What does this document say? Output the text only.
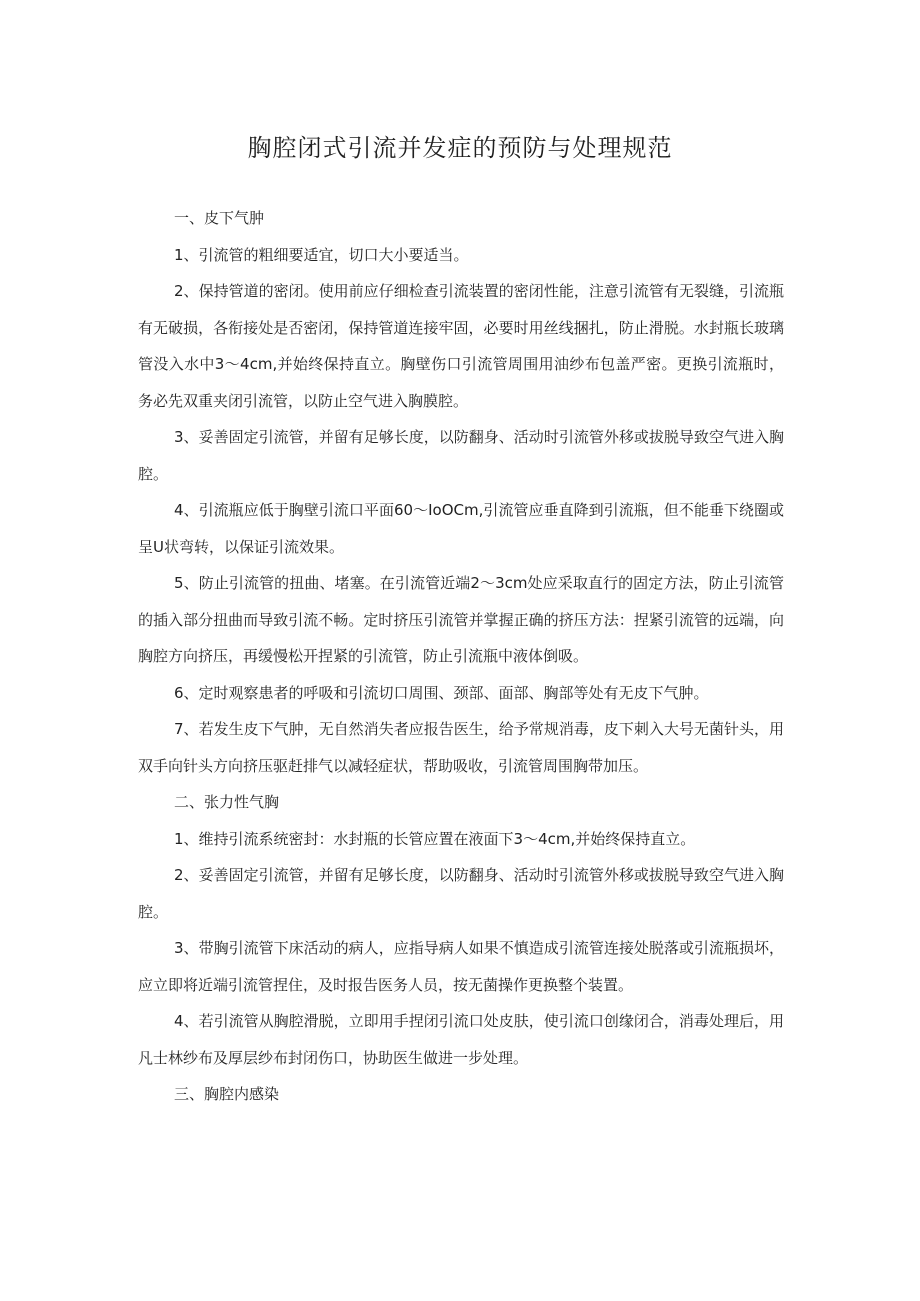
胸腔闭式引流并发症的预防与处理规范

一、皮下气肿

1、引流管的粗细要适宜，切口大小要适当。

2、保持管道的密闭。使用前应仔细检查引流装置的密闭性能，注意引流管有无裂缝，引流瓶有无破损，各衔接处是否密闭，保持管道连接牢固，必要时用丝线捆扎，防止滑脱。水封瓶长玻璃管没入水中3～4cm,并始终保持直立。胸壁伤口引流管周围用油纱布包盖严密。更换引流瓶时，务必先双重夹闭引流管，以防止空气进入胸膜腔。

3、妥善固定引流管，并留有足够长度，以防翻身、活动时引流管外移或拔脱导致空气进入胸腔。

4、引流瓶应低于胸壁引流口平面60～IoOCm,引流管应垂直降到引流瓶，但不能垂下绕圈或呈U状弯转，以保证引流效果。

5、防止引流管的扭曲、堵塞。在引流管近端2～3cm处应采取直行的固定方法，防止引流管的插入部分扭曲而导致引流不畅。定时挤压引流管并掌握正确的挤压方法：捏紧引流管的远端，向胸腔方向挤压，再缓慢松开捏紧的引流管，防止引流瓶中液体倒吸。

6、定时观察患者的呼吸和引流切口周围、颈部、面部、胸部等处有无皮下气肿。

7、若发生皮下气肿，无自然消失者应报告医生，给予常规消毒，皮下刺入大号无菌针头，用双手向针头方向挤压驱赶排气以减轻症状，帮助吸收，引流管周围胸带加压。

二、张力性气胸

1、维持引流系统密封：水封瓶的长管应置在液面下3～4cm,并始终保持直立。

2、妥善固定引流管，并留有足够长度，以防翻身、活动时引流管外移或拔脱导致空气进入胸腔。

3、带胸引流管下床活动的病人，应指导病人如果不慎造成引流管连接处脱落或引流瓶损坏，应立即将近端引流管捏住，及时报告医务人员，按无菌操作更换整个装置。

4、若引流管从胸腔滑脱，立即用手捏闭引流口处皮肤，使引流口创缘闭合，消毒处理后，用凡士林纱布及厚层纱布封闭伤口，协助医生做进一步处理。

三、胸腔内感染
